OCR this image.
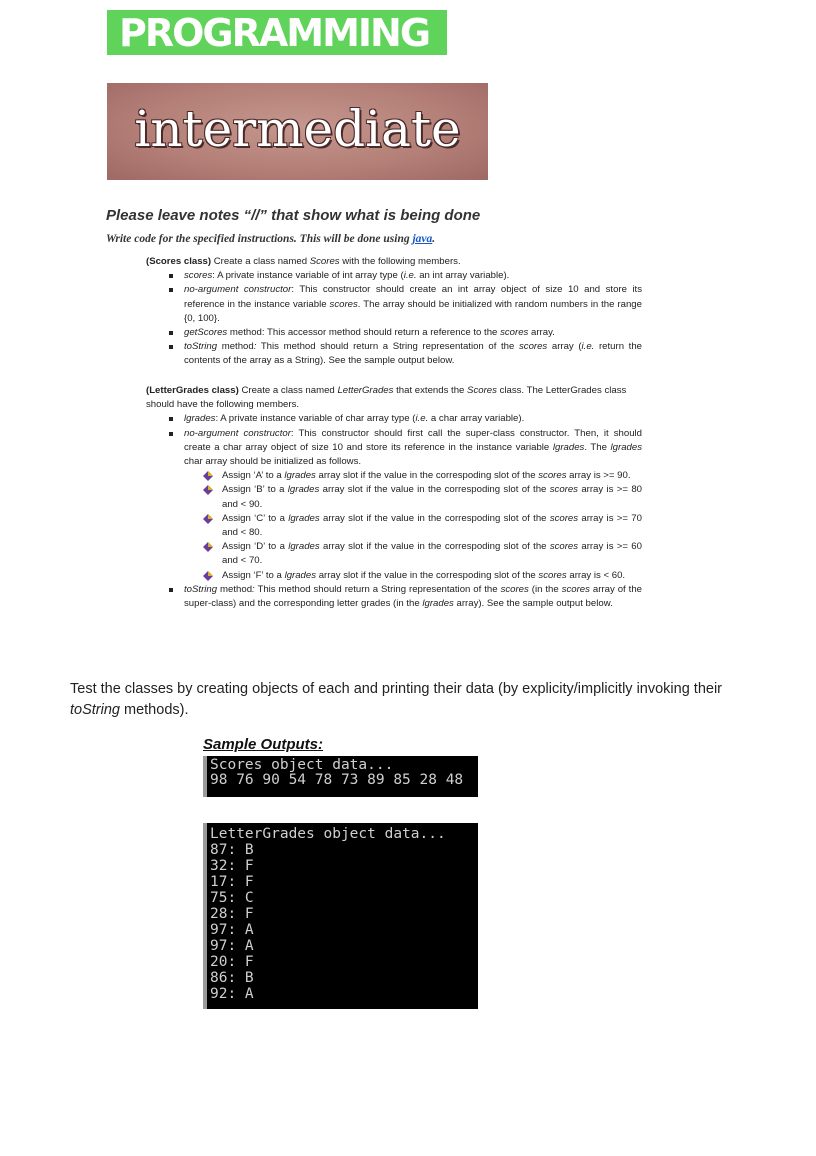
PROGRAMMING
intermediate
Please leave notes “//” that show what is being done
Write code for the specified instructions. This will be done using java.

(Scores class) Create a class named Scores with the following members.

scores: A private instance variable of int array type (i.e. an int array variable).
no-argument constructor: This constructor should create an int array object of size 10 and store its reference in the instance variable scores. The array should be initialized with random numbers in the range {0, 100}.
getScores method: This accessor method should return a reference to the scores array.
toString method: This method should return a String representation of the scores array (i.e. return the contents of the array as a String). See the sample output below.

(LetterGrades class) Create a class named LetterGrades that extends the Scores class. The LetterGrades class should have the following members.

lgrades: A private instance variable of char array type (i.e. a char array variable).
no-argument constructor: This constructor should first call the super-class constructor. Then, it should create a char array object of size 10 and store its reference in the instance variable lgrades. The lgrades char array should be initialized as follows.
Assign ‘A’ to a lgrades array slot if the value in the correspoding slot of the scores array is >= 90.
Assign ‘B’ to a lgrades array slot if the value in the correspoding slot of the scores array is >= 80 and < 90.
Assign ‘C’ to a lgrades array slot if the value in the correspoding slot of the scores array is >= 70 and < 80.
Assign ‘D’ to a lgrades array slot if the value in the correspoding slot of the scores array is >= 60 and < 70.
Assign ‘F’ to a lgrades array slot if the value in the correspoding slot of the scores array is < 60.
toString method: This method should return a String representation of the scores (in the scores array of the super-class) and the corresponding letter grades (in the lgrades array). See the sample output below.
Test the classes by creating objects of each and printing their data (by explicity/implicitly invoking their toString methods).
Sample Outputs:
Scores object data...
98 76 90 54 78 73 89 85 28 48
LetterGrades object data...
87: B
32: F
17: F
75: C
28: F
97: A
97: A
20: F
86: B
92: A
